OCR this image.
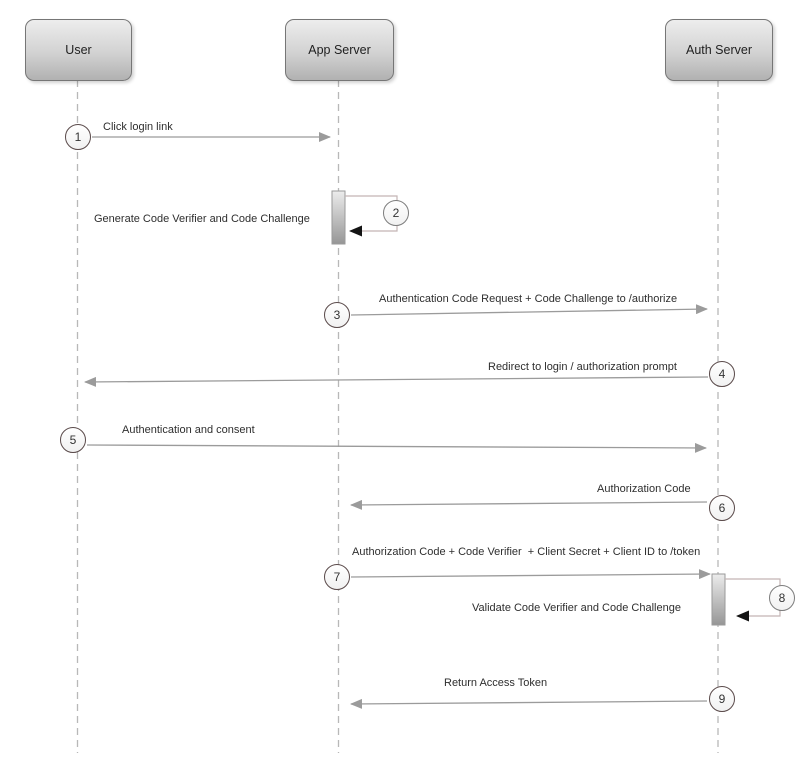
User	App Server	Auth Server
1
2
3
4
5
6
7
8
9
Click login link
Generate Code Verifier and Code Challenge
Authentication Code Request + Code Challenge to /authorize
Redirect to login / authorization prompt
Authentication and consent
Authorization Code
Authorization Code + Code Verifier  + Client Secret + Client ID to /token
Validate Code Verifier and Code Challenge
Return Access Token
